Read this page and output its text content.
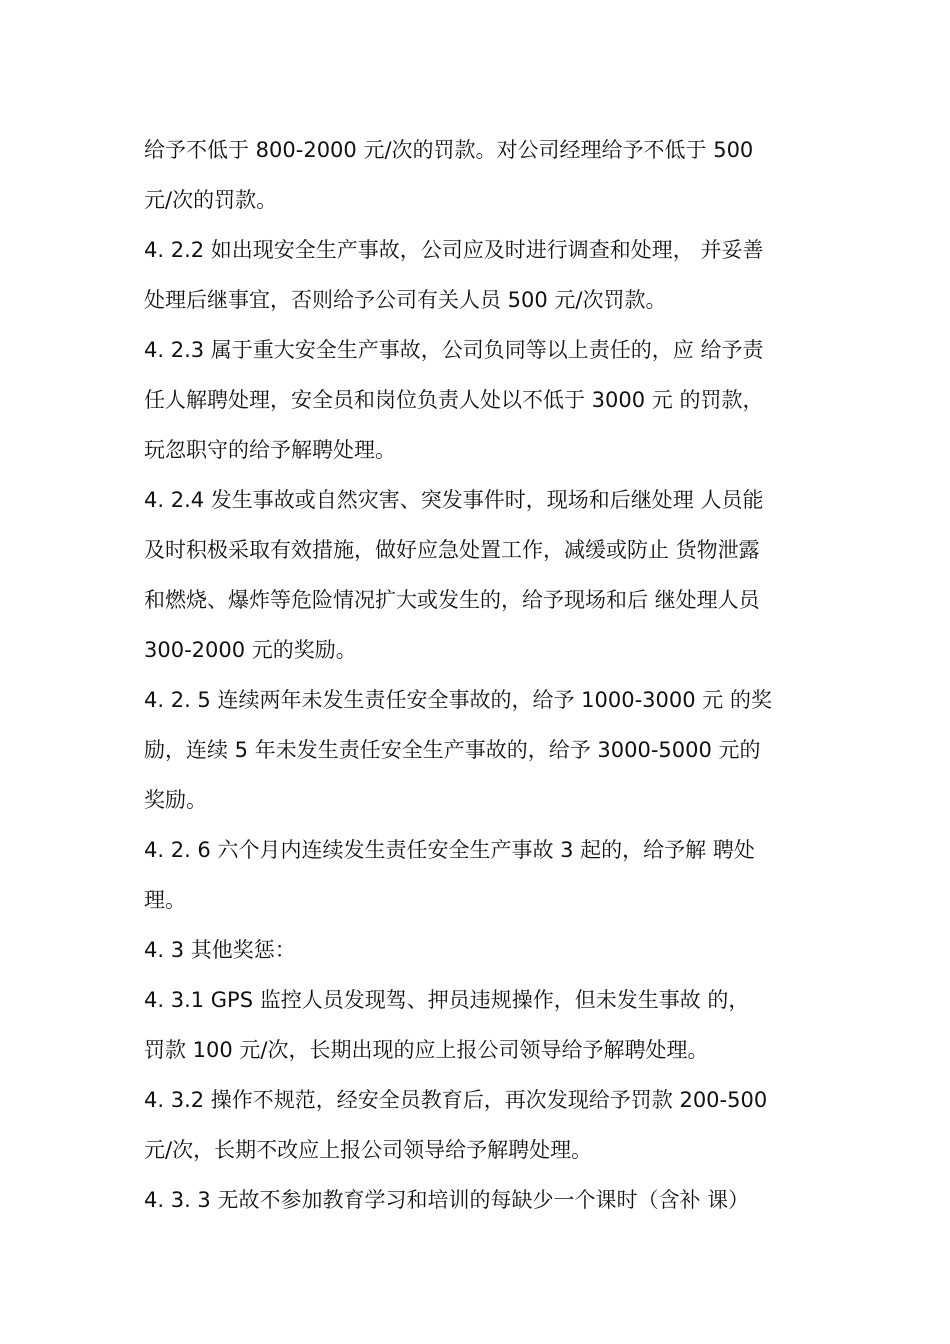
给予不低于 800-2000 元/次的罚款。对公司经理给予不低于 500
元/次的罚款。
4. 2.2 如出现安全生产事故，公司应及时进行调查和处理， 并妥善
处理后继事宜，否则给予公司有关人员 500 元/次罚款。
4. 2.3 属于重大安全生产事故，公司负同等以上责任的，应 给予责
任人解聘处理，安全员和岗位负责人处以不低于 3000 元 的罚款，
玩忽职守的给予解聘处理。
4. 2.4 发生事故或自然灾害、突发事件时，现场和后继处理 人员能
及时积极采取有效措施，做好应急处置工作，减缓或防止 货物泄露
和燃烧、爆炸等危险情况扩大或发生的，给予现场和后 继处理人员
300-2000 元的奖励。
4. 2. 5 连续两年未发生责任安全事故的，给予 1000-3000 元 的奖
励，连续 5 年未发生责任安全生产事故的，给予 3000-5000 元的
奖励。
4. 2. 6 六个月内连续发生责任安全生产事故 3 起的，给予解 聘处
理。
4. 3 其他奖惩：
4. 3.1 GPS 监控人员发现驾、押员违规操作，但未发生事故 的，
罚款 100 元/次，长期出现的应上报公司领导给予解聘处理。
4. 3.2 操作不规范，经安全员教育后，再次发现给予罚款 200-500
元/次，长期不改应上报公司领导给予解聘处理。
4. 3. 3 无故不参加教育学习和培训的每缺少一个课时（含补 课）
